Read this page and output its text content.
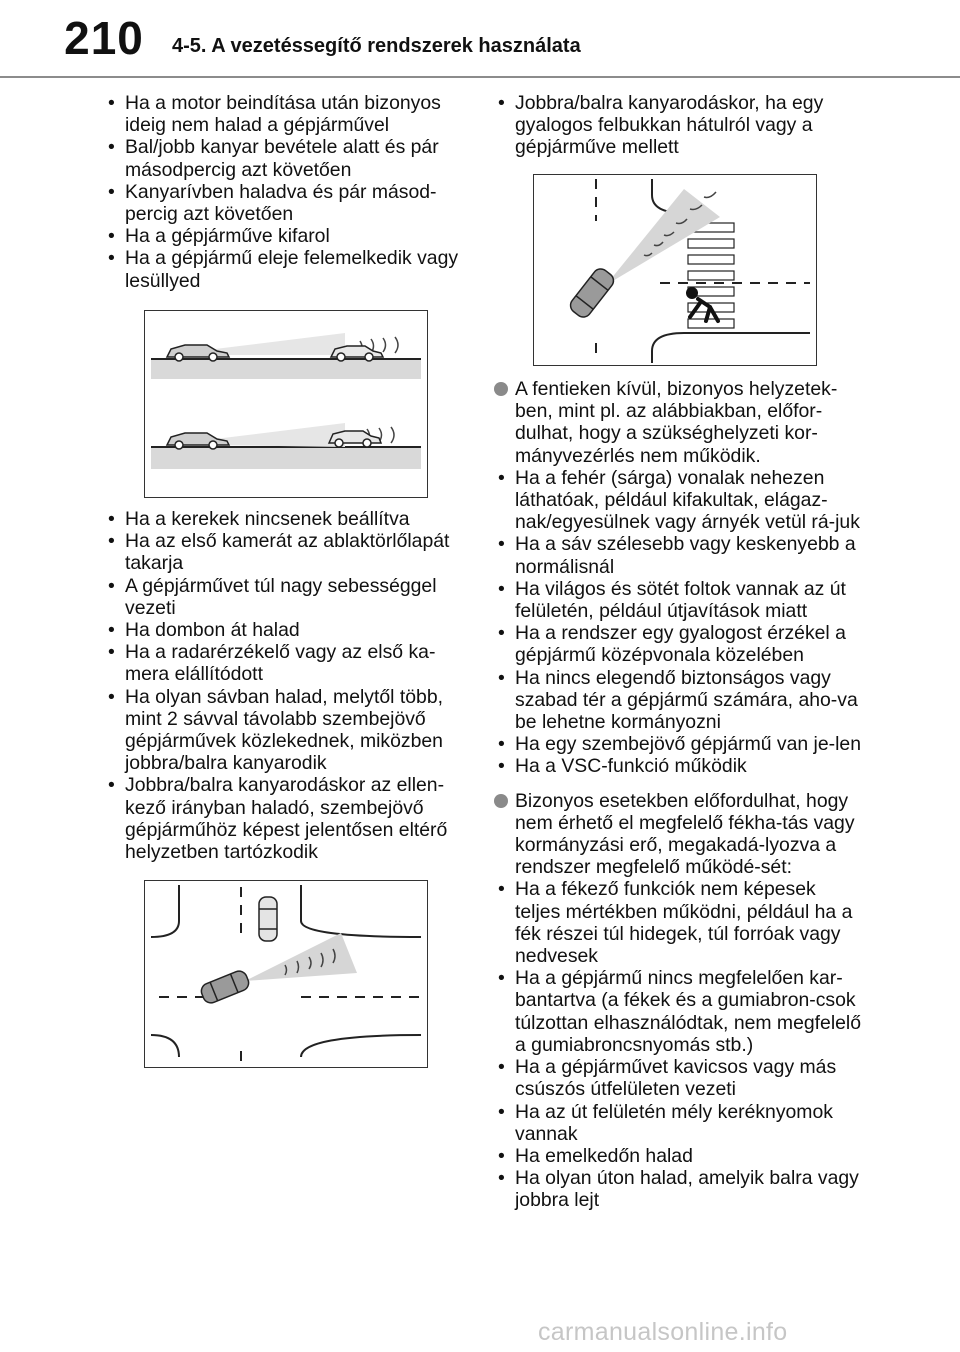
210 4-5. A vezetéssegítő rendszerek használata
• Ha a motor beindítása után bizonyos ideig nem halad a gépjárművel
• Bal/jobb kanyar bevétele alatt és pár másodpercig azt követően
• Kanyarívben haladva és pár másod-percig azt követően
• Ha a gépjárműve kifarol
• Ha a gépjármű eleje felemelkedik vagy lesüllyed
• Ha a kerekek nincsenek beállítva
• Ha az első kamerát az ablaktörlőlapát takarja
• A gépjárművet túl nagy sebességgel vezeti
• Ha dombon át halad
• Ha a radarérzékelő vagy az első ka-mera elállítódott
• Ha olyan sávban halad, melytől több, mint 2 sávval távolabb szembejövő gépjárművek közlekednek, miközben jobbra/balra kanyarodik
• Jobbra/balra kanyarodáskor az ellen-kező irányban haladó, szembejövő gépjárműhöz képest jelentősen eltérő helyzetben tartózkodik
• Jobbra/balra kanyarodáskor, ha egy gyalogos felbukkan hátulról vagy a gépjárműve mellett
A fentieken kívül, bizonyos helyzetek-ben, mint pl. az alábbiakban, előfor-dulhat, hogy a szükséghelyzeti kor-mányvezérlés nem működik.
• Ha a fehér (sárga) vonalak nehezen láthatóak, például kifakultak, elágaz-nak/egyesülnek vagy árnyék vetül rá-juk
• Ha a sáv szélesebb vagy keskenyebb a normálisnál
• Ha világos és sötét foltok vannak az út felületén, például útjavítások miatt
• Ha a rendszer egy gyalogost érzékel a gépjármű középvonala közelében
• Ha nincs elegendő biztonságos vagy szabad tér a gépjármű számára, aho-va be lehetne kormányozni
• Ha egy szembejövő gépjármű van je-len
• Ha a VSC-funkció működik
Bizonyos esetekben előfordulhat, hogy nem érhető el megfelelő fékha-tás vagy kormányzási erő, megakadá-lyozva a rendszer megfelelő működé-sét:
• Ha a fékező funkciók nem képesek teljes mértékben működni, például ha a fék részei túl hidegek, túl forróak vagy nedvesek
• Ha a gépjármű nincs megfelelően kar-bantartva (a fékek és a gumiabron-csok túlzottan elhasználódtak, nem megfelelő a gumiabroncsnyomás stb.)
• Ha a gépjárművet kavicsos vagy más csúszós útfelületen vezeti
• Ha az út felületén mély keréknyomok vannak
• Ha emelkedőn halad
• Ha olyan úton halad, amelyik balra vagy jobbra lejt
carmanualsonline.info
